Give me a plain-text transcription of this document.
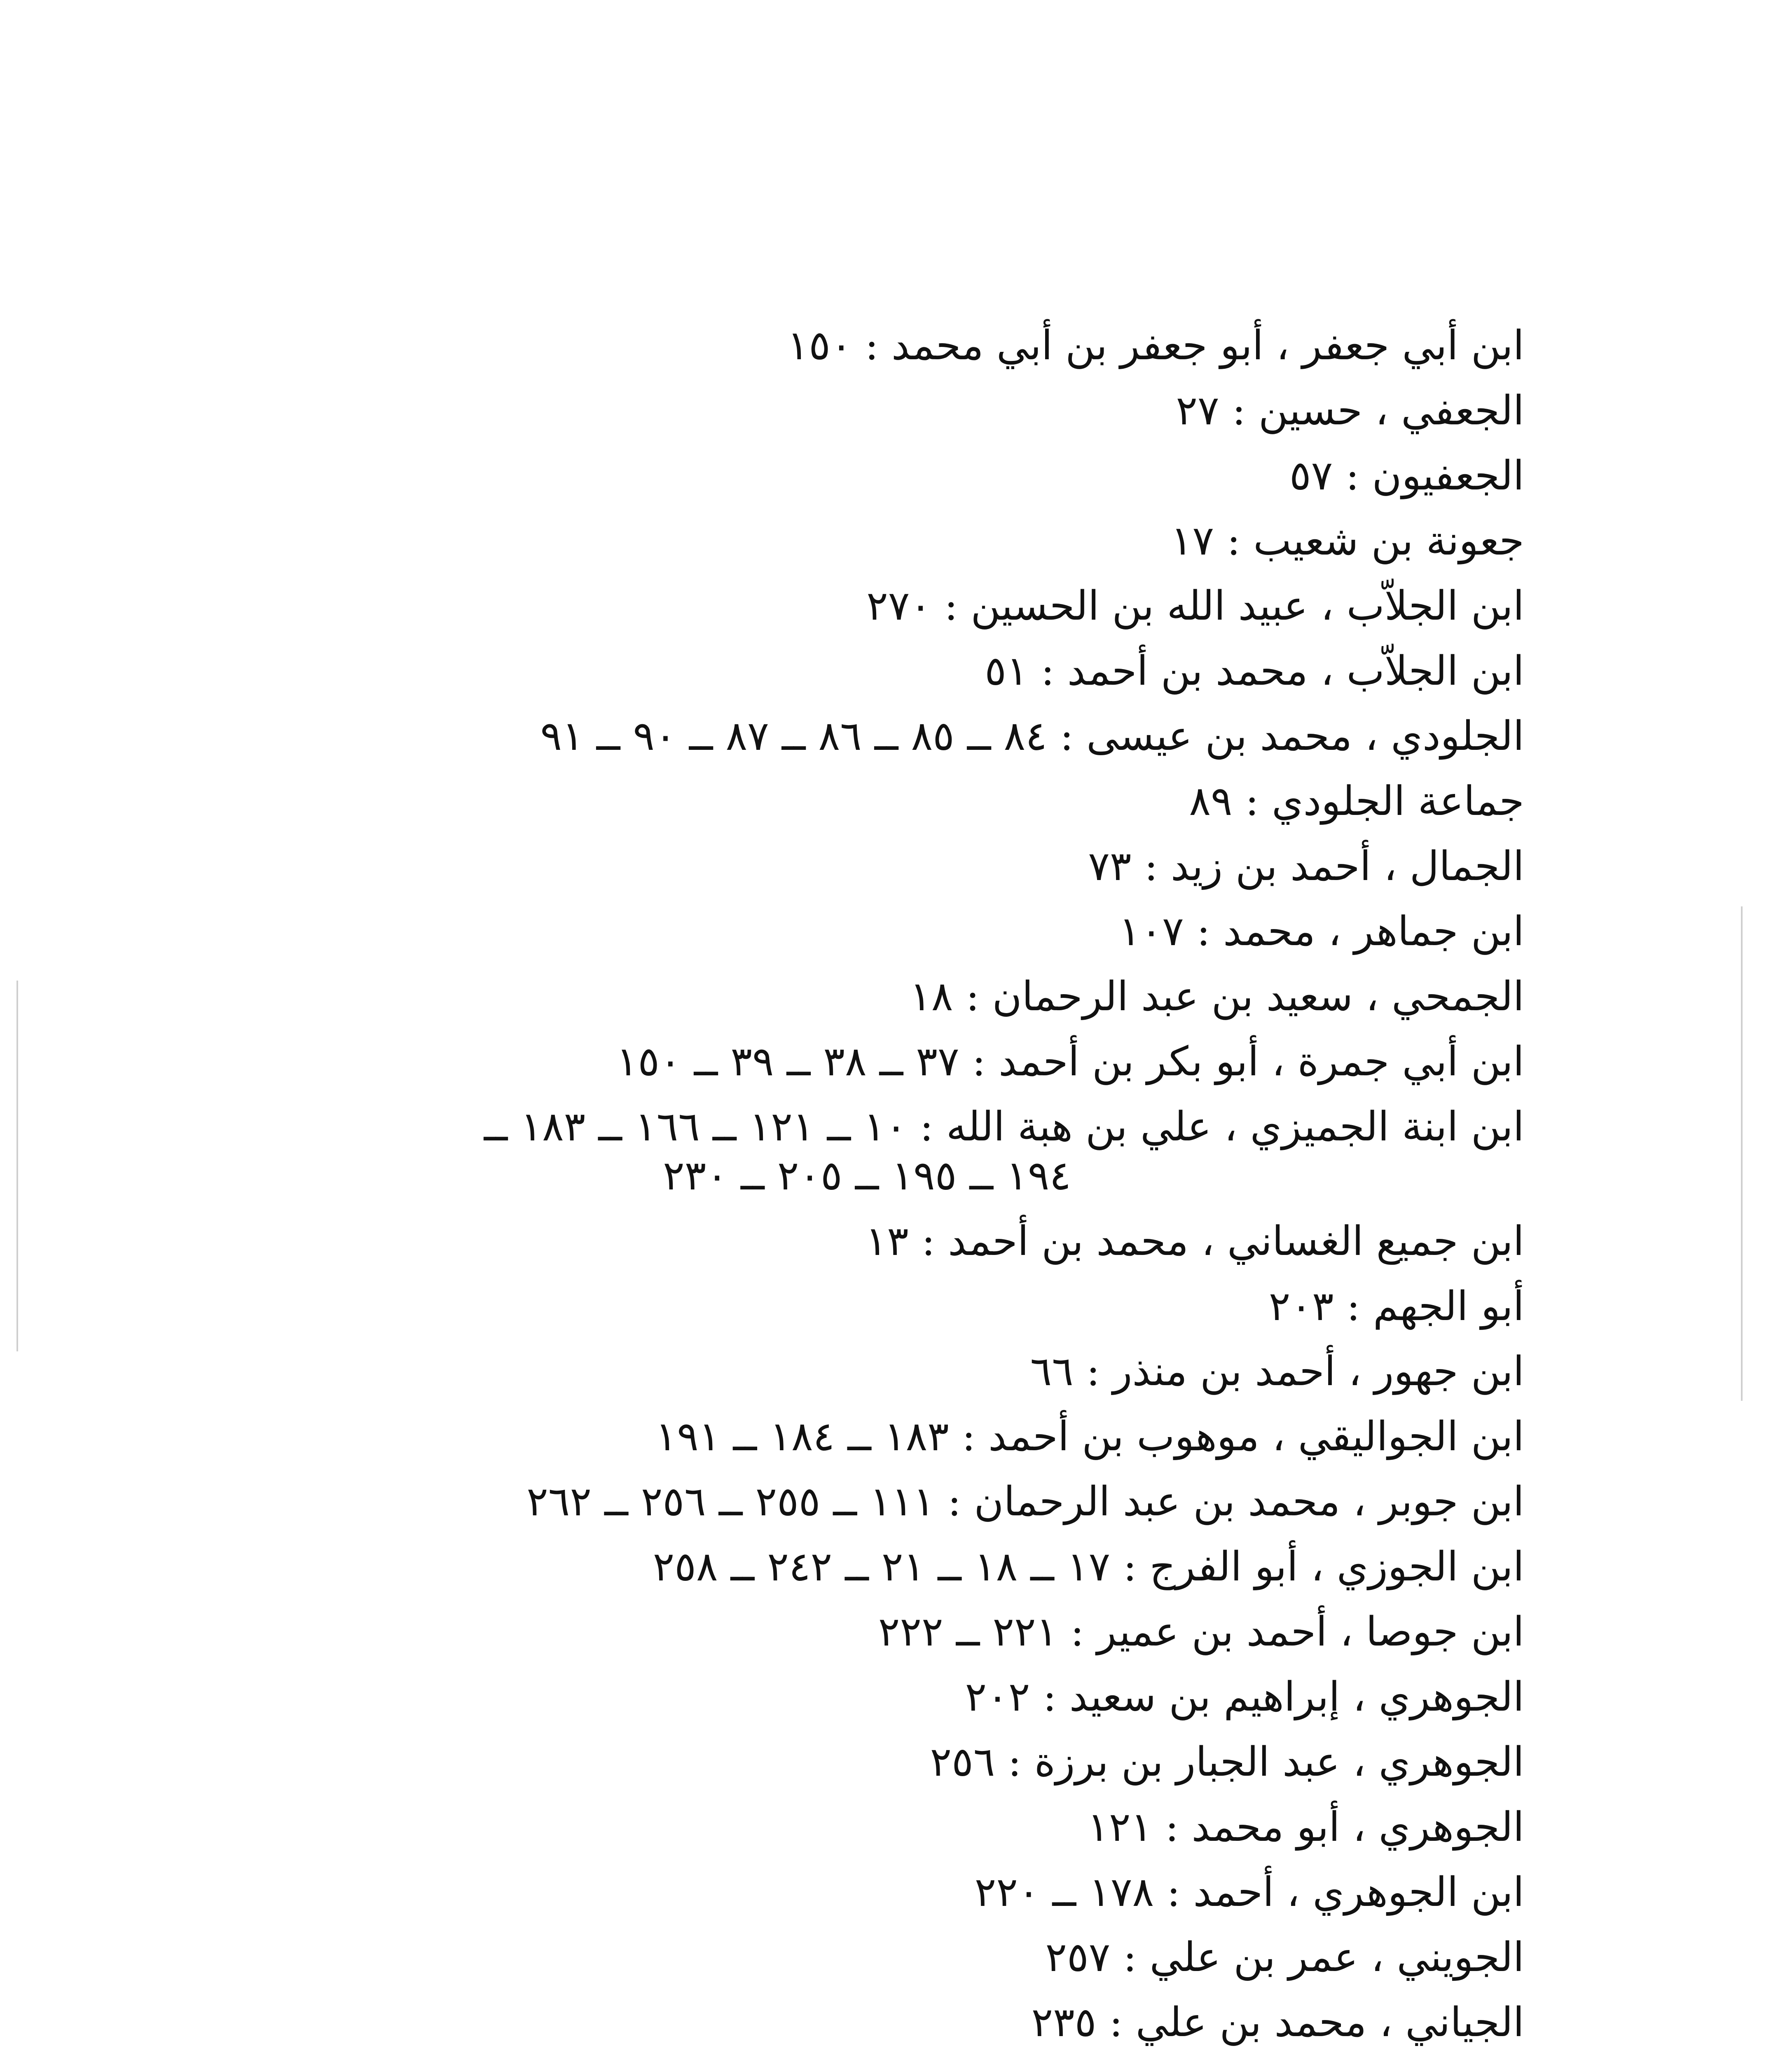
ابن أبي جعفر ، أبو جعفر بن أبي محمد : ١٥٠
الجعفي ، حسين : ٢٧
الجعفيون : ٥٧
جعونة بن شعيب : ١٧
ابن الجلاّب ، عبيد الله بن الحسين : ٢٧٠
ابن الجلاّب ، محمد بن أحمد : ٥١
الجلودي ، محمد بن عيسى : ٨٤ ــ ٨٥ ــ ٨٦ ــ ٨٧ ــ ٩٠ ــ ٩١
جماعة الجلودي : ٨٩
الجمال ، أحمد بن زيد : ٧٣
ابن جماهر ، محمد : ١٠٧
الجمحي ، سعيد بن عبد الرحمان : ١٨
ابن أبي جمرة ، أبو بكر بن أحمد : ٣٧ ــ ٣٨ ــ ٣٩ ــ ١٥٠
ابن ابنة الجميزي ، علي بن هبة الله : ١٠ ــ ١٢١ ــ ١٦٦ ــ ١٨٣ ــ
١٩٤ ــ ١٩٥ ــ ٢٠٥ ــ ٢٣٠
ابن جميع الغساني ، محمد بن أحمد : ١٣
أبو الجهم : ٢٠٣
ابن جهور ، أحمد بن منذر : ٦٦
ابن الجواليقي ، موهوب بن أحمد : ١٨٣ ــ ١٨٤ ــ ١٩١
ابن جوبر ، محمد بن عبد الرحمان : ١١١ ــ ٢٥٥ ــ ٢٥٦ ــ ٢٦٢
ابن الجوزي ، أبو الفرج : ١٧ ــ ١٨ ــ ٢١ ــ ٢٤٢ ــ ٢٥٨
ابن جوصا ، أحمد بن عمير : ٢٢١ ــ ٢٢٢
الجوهري ، إبراهيم بن سعيد : ٢٠٢
الجوهري ، عبد الجبار بن برزة : ٢٥٦
الجوهري ، أبو محمد : ١٢١
ابن الجوهري ، أحمد : ١٧٨ ــ ٢٢٠
الجويني ، عمر بن علي : ٢٥٧
الجياني ، محمد بن علي : ٢٣٥
